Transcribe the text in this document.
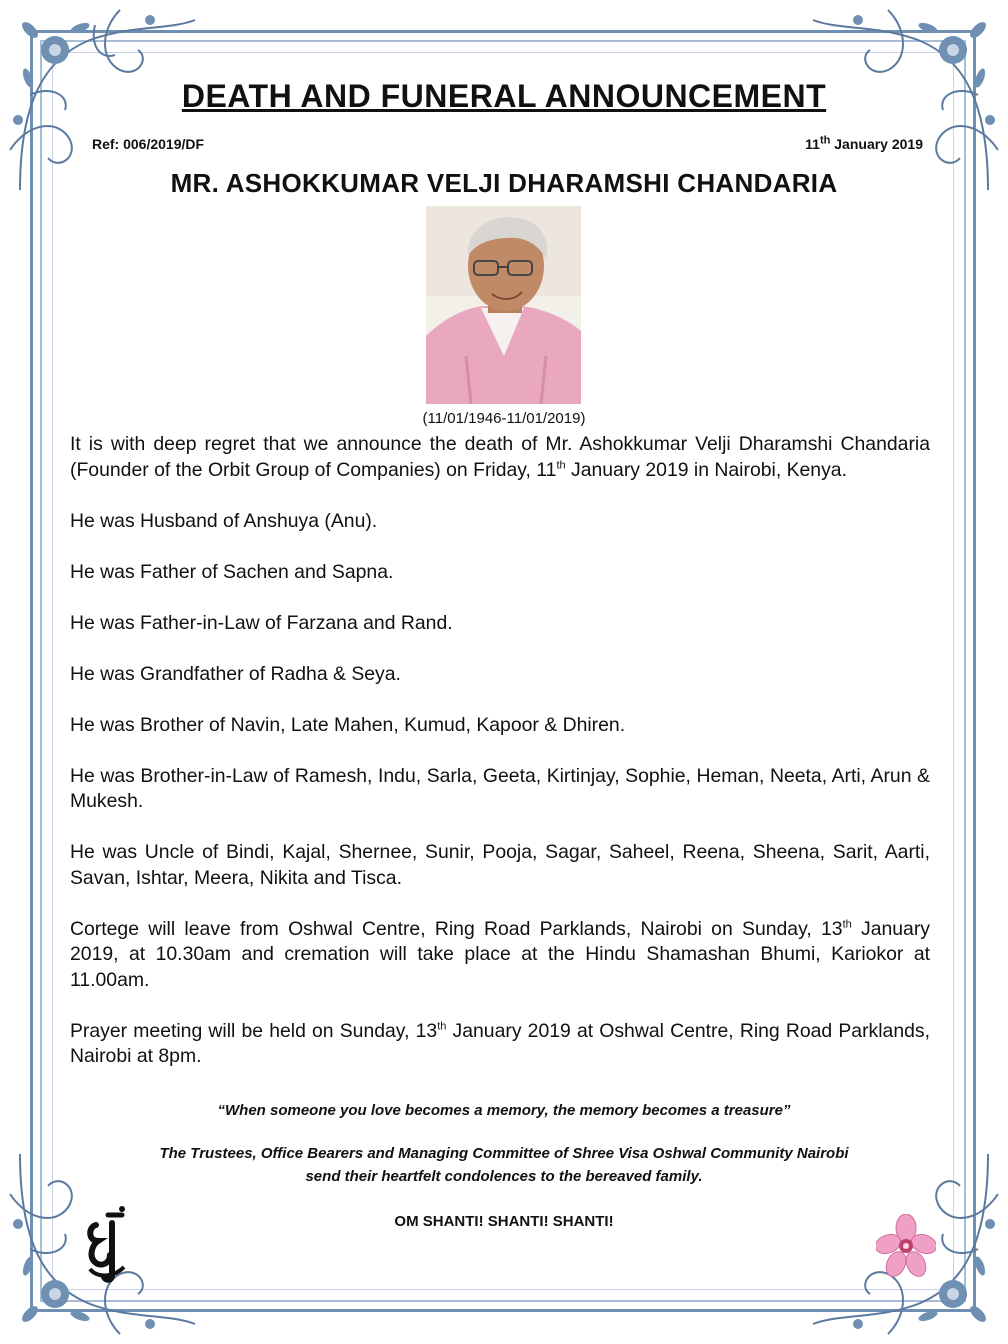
DEATH AND FUNERAL ANNOUNCEMENT
Ref: 006/2019/DF	11th January 2019
MR. ASHOKKUMAR VELJI DHARAMSHI CHANDARIA
(11/01/1946-11/01/2019)

It is with deep regret that we announce the death of Mr. Ashokkumar Velji Dharamshi Chandaria (Founder of the Orbit Group of Companies) on Friday, 11th January 2019 in Nairobi, Kenya.

He was Husband of Anshuya (Anu).

He was Father of Sachen and Sapna.

He was Father-in-Law of Farzana and Rand.

He was Grandfather of Radha & Seya.

He was Brother of Navin, Late Mahen, Kumud, Kapoor & Dhiren.

He was Brother-in-Law of Ramesh, Indu, Sarla, Geeta, Kirtinjay, Sophie, Heman, Neeta, Arti, Arun & Mukesh.

He was Uncle of Bindi, Kajal, Shernee, Sunir, Pooja, Sagar, Saheel, Reena, Sheena, Sarit, Aarti, Savan, Ishtar, Meera, Nikita and Tisca.

Cortege will leave from Oshwal Centre, Ring Road Parklands, Nairobi on Sunday, 13th January 2019, at 10.30am and cremation will take place at the Hindu Shamashan Bhumi, Kariokor at 11.00am.

Prayer meeting will be held on Sunday, 13th January 2019 at Oshwal Centre, Ring Road Parklands, Nairobi at 8pm.

“When someone you love becomes a memory, the memory becomes a treasure”
The Trustees, Office Bearers and Managing Committee of Shree Visa Oshwal Community Nairobi
send their heartfelt condolences to the bereaved family.
OM SHANTI! SHANTI! SHANTI!
